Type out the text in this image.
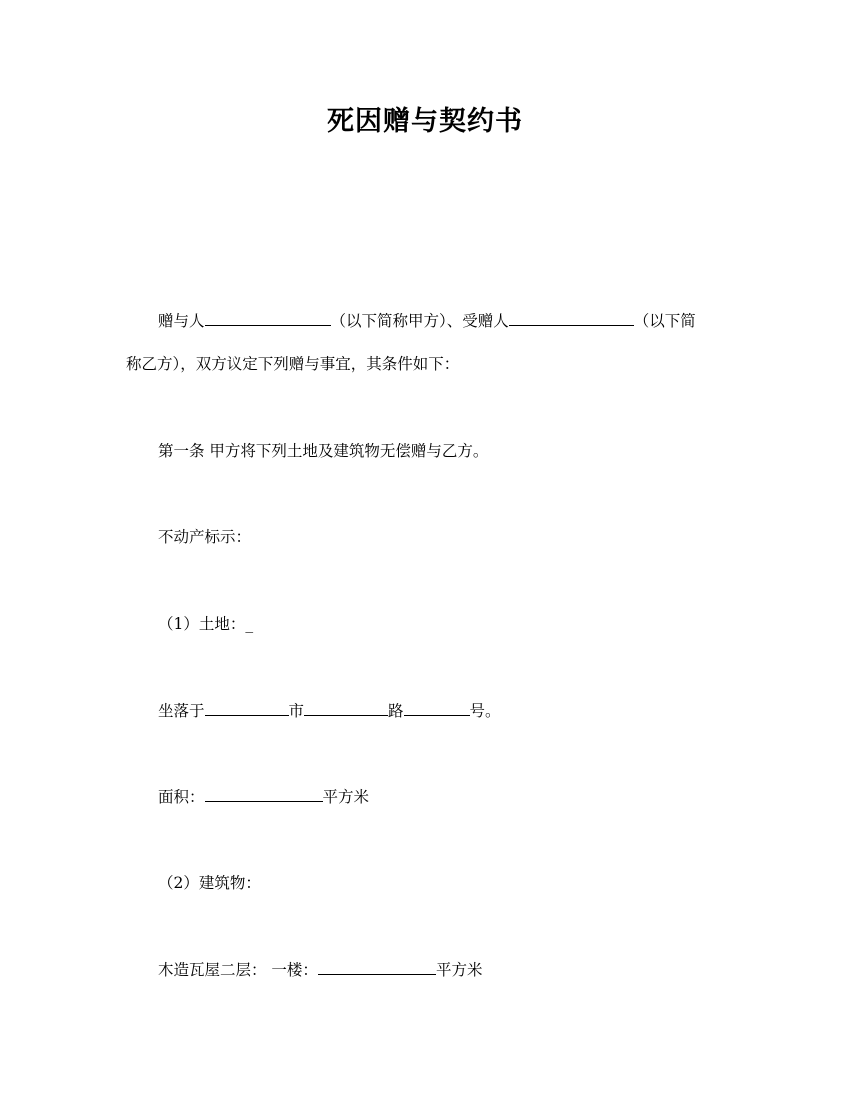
死因赠与契约书
赠与人	（以下简称甲方）、受赠人	（以下简
称乙方），双方议定下列赠与事宜，其条件如下：
第一条 甲方将下列土地及建筑物无偿赠与乙方。
不动产标示：
（1）土地：_
坐落于	市	路	号。
面积：	平方米
（2）建筑物：
木造瓦屋二层： 一楼：	平方米
